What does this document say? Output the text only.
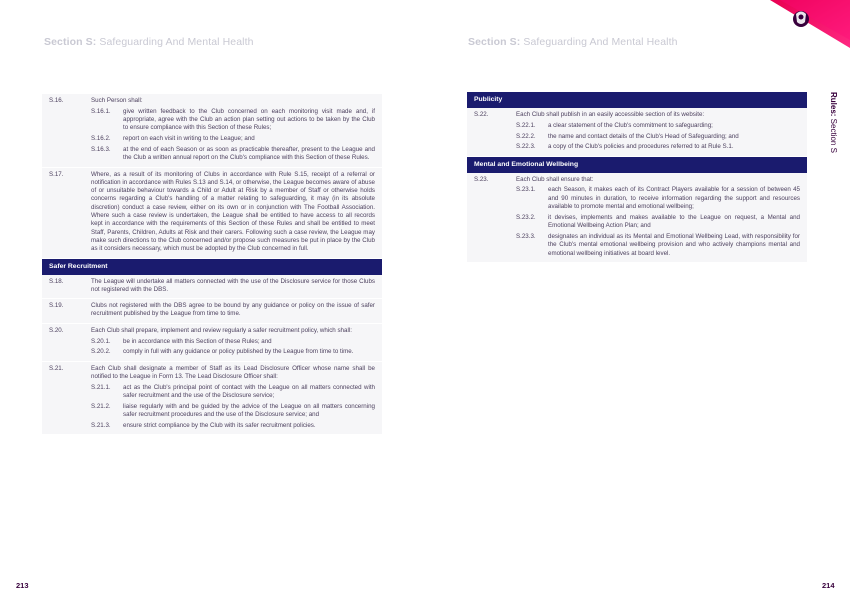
Section S: Safeguarding And Mental Health	Section S: Safeguarding And Mental Health
Rules: Section S
213	214
S.16.	Such Person shall:
S.16.1.	give written feedback to the Club concerned on each monitoring visit made and, if appropriate, agree with the Club an action plan setting out actions to be taken by the Club to ensure compliance with this Section of these Rules;
S.16.2.	report on each visit in writing to the League; and
S.16.3.	at the end of each Season or as soon as practicable thereafter, present to the League and the Club a written annual report on the Club's compliance with this Section of these Rules.
S.17.	Where, as a result of its monitoring of Clubs in accordance with Rule S.15, receipt of a referral or notification in accordance with Rules S.13 and S.14, or otherwise, the League becomes aware of abuse of or unsuitable behaviour towards a Child or Adult at Risk by a member of Staff or otherwise holds concerns regarding a Club's handling of a matter relating to safeguarding, it may (in its absolute discretion) conduct a case review, either on its own or in conjunction with The Football Association. Where such a case review is undertaken, the League shall be entitled to have access to all records kept in accordance with the requirements of this Section of these Rules and shall be entitled to meet Staff, Parents, Children, Adults at Risk and their carers. Following such a case review, the League may make such directions to the Club concerned and/or propose such measures be put in place by the Club as it considers necessary, which must be adopted by the Club concerned in full.
Safer Recruitment
S.18.	The League will undertake all matters connected with the use of the Disclosure service for those Clubs not registered with the DBS.
S.19.	Clubs not registered with the DBS agree to be bound by any guidance or policy on the issue of safer recruitment published by the League from time to time.
S.20.	Each Club shall prepare, implement and review regularly a safer recruitment policy, which shall:
S.20.1.	be in accordance with this Section of these Rules; and
S.20.2.	comply in full with any guidance or policy published by the League from time to time.
S.21.	Each Club shall designate a member of Staff as its Lead Disclosure Officer whose name shall be notified to the League in Form 13. The Lead Disclosure Officer shall:
S.21.1.	act as the Club's principal point of contact with the League on all matters connected with safer recruitment and the use of the Disclosure service;
S.21.2.	liaise regularly with and be guided by the advice of the League on all matters concerning safer recruitment procedures and the use of the Disclosure service; and
S.21.3.	ensure strict compliance by the Club with its safer recruitment policies.
Publicity
S.22.	Each Club shall publish in an easily accessible section of its website:
S.22.1.	a clear statement of the Club's commitment to safeguarding;
S.22.2.	the name and contact details of the Club's Head of Safeguarding; and
S.22.3.	a copy of the Club's policies and procedures referred to at Rule S.1.
Mental and Emotional Wellbeing
S.23.	Each Club shall ensure that:
S.23.1.	each Season, it makes each of its Contract Players available for a session of between 45 and 90 minutes in duration, to receive information regarding the support and resources available to promote mental and emotional wellbeing;
S.23.2.	it devises, implements and makes available to the League on request, a Mental and Emotional Wellbeing Action Plan; and
S.23.3.	designates an individual as its Mental and Emotional Wellbeing Lead, with responsibility for the Club's mental emotional wellbeing provision and who actively champions mental and emotional wellbeing initiatives at board level.
